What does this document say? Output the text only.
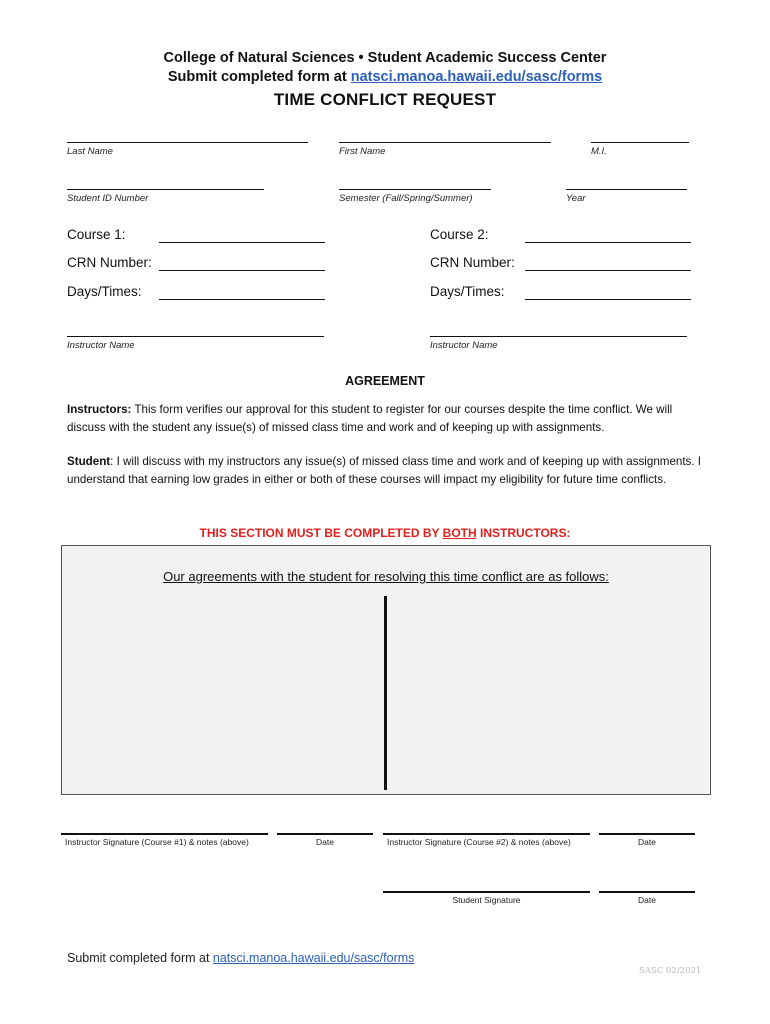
College of Natural Sciences • Student Academic Success Center
Submit completed form at natsci.manoa.hawaii.edu/sasc/forms
TIME CONFLICT REQUEST
Last Name	First Name	M.I.
Student ID Number	Semester (Fall/Spring/Summer)	Year
Course 1:	Course 2:
CRN Number:	CRN Number:
Days/Times:	Days/Times:
Instructor Name	Instructor Name
AGREEMENT
Instructors: This form verifies our approval for this student to register for our courses despite the time conflict. We will discuss with the student any issue(s) of missed class time and work and of keeping up with assignments.
Student: I will discuss with my instructors any issue(s) of missed class time and work and of keeping up with assignments. I understand that earning low grades in either or both of these courses will impact my eligibility for future time conflicts.
THIS SECTION MUST BE COMPLETED BY BOTH INSTRUCTORS:
Our agreements with the student for resolving this time conflict are as follows:
Instructor Signature (Course #1) & notes (above)	Date	Instructor Signature (Course #2) & notes (above)	Date
Student Signature	Date
Submit completed form at natsci.manoa.hawaii.edu/sasc/forms
SASC 02/2021
